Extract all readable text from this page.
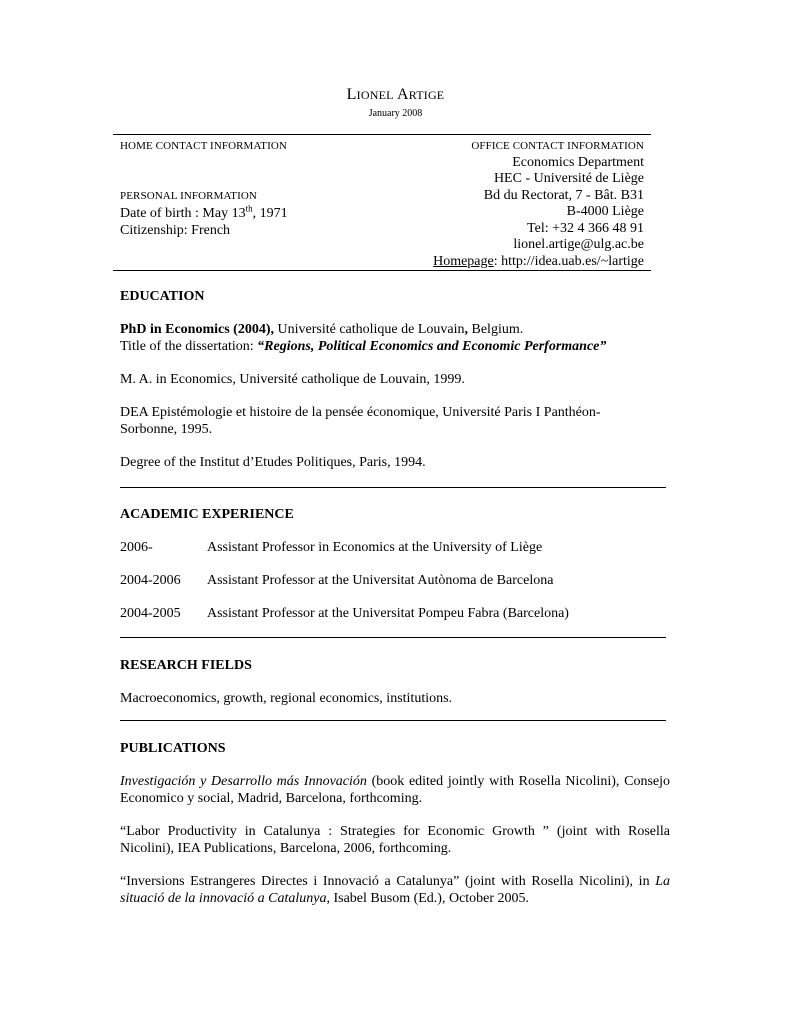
LIONEL ARTIGE
January 2008
HOME CONTACT INFORMATION
PERSONAL INFORMATION
Date of birth : May 13th, 1971
Citizenship: French
OFFICE CONTACT INFORMATION
Economics Department
HEC - Université de Liège
Bd du Rectorat, 7 - Bât. B31
B-4000 Liège
Tel: +32 4 366 48 91
lionel.artige@ulg.ac.be
Homepage: http://idea.uab.es/~lartige
EDUCATION

PhD in Economics (2004), Université catholique de Louvain, Belgium.
Title of the dissertation: “Regions, Political Economics and Economic Performance”

M. A. in Economics, Université catholique de Louvain, 1999.

DEA Epistémologie et histoire de la pensée économique, Université Paris I Panthéon-Sorbonne, 1995.

Degree of the Institut d’Etudes Politiques, Paris, 1994.

ACADEMIC EXPERIENCE
2006-	Assistant Professor in Economics at the University of Liège
2004-2006	Assistant Professor at the Universitat Autònoma de Barcelona
2004-2005	Assistant Professor at the Universitat Pompeu Fabra (Barcelona)
RESEARCH FIELDS

Macroeconomics, growth, regional economics, institutions.

PUBLICATIONS

Investigación y Desarrollo más Innovación (book edited jointly with Rosella Nicolini), Consejo Economico y social, Madrid, Barcelona, forthcoming.

“Labor Productivity in Catalunya : Strategies for Economic Growth ” (joint with Rosella Nicolini), IEA Publications, Barcelona, 2006, forthcoming.

“Inversions Estrangeres Directes i Innovació a Catalunya” (joint with Rosella Nicolini), in La situació de la innovació a Catalunya, Isabel Busom (Ed.), October 2005.
